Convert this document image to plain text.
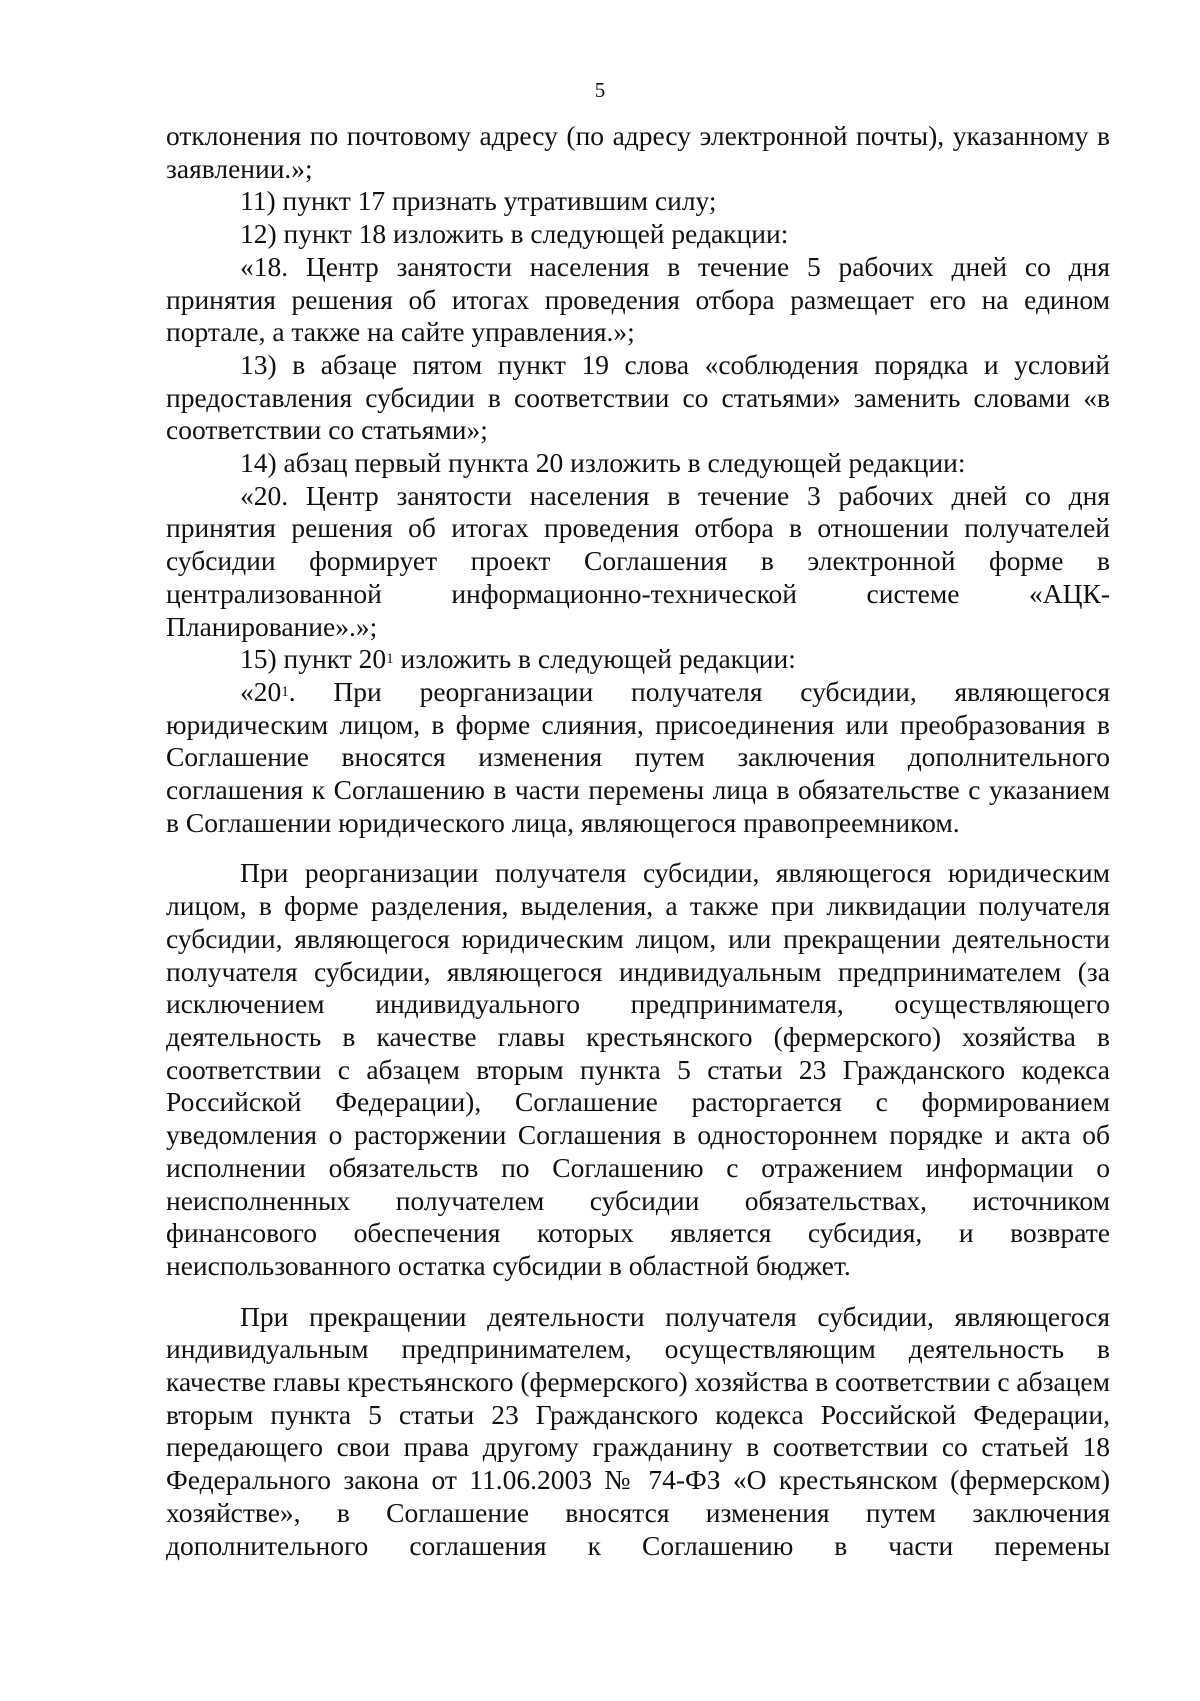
5

отклонения по почтовому адресу (по адресу электронной почты), указанному в заявлении.»;

11) пункт 17 признать утратившим силу;

12) пункт 18 изложить в следующей редакции:

«18. Центр занятости населения в течение 5 рабочих дней со дня принятия решения об итогах проведения отбора размещает его на едином портале, а также на сайте управления.»;

13) в абзаце пятом пункт 19 слова «соблюдения порядка и условий предоставления субсидии в соответствии со статьями» заменить словами «в соответствии со статьями»;

14) абзац первый пункта 20 изложить в следующей редакции:

«20. Центр занятости населения в течение 3 рабочих дней со дня принятия решения об итогах проведения отбора в отношении получателей субсидии формирует проект Соглашения в электронной форме в централизованной информационно-технической системе «АЦК-Планирование».»;

15) пункт $20^1$ изложить в следующей редакции:

«$20^1$. При реорганизации получателя субсидии, являющегося юридическим лицом, в форме слияния, присоединения или преобразования в Соглашение вносятся изменения путем заключения дополнительного соглашения к Соглашению в части перемены лица в обязательстве с указанием в Соглашении юридического лица, являющегося правопреемником.

При реорганизации получателя субсидии, являющегося юридическим лицом, в форме разделения, выделения, а также при ликвидации получателя субсидии, являющегося юридическим лицом, или прекращении деятельности получателя субсидии, являющегося индивидуальным предпринимателем (за исключением индивидуального предпринимателя, осуществляющего деятельность в качестве главы крестьянского (фермерского) хозяйства в соответствии с абзацем вторым пункта 5 статьи 23 Гражданского кодекса Российской Федерации), Соглашение расторгается с формированием уведомления о расторжении Соглашения в одностороннем порядке и акта об исполнении обязательств по Соглашению с отражением информации о неисполненных получателем субсидии обязательствах, источником финансового обеспечения которых является субсидия, и возврате неиспользованного остатка субсидии в областной бюджет.

При прекращении деятельности получателя субсидии, являющегося индивидуальным предпринимателем, осуществляющим деятельность в качестве главы крестьянского (фермерского) хозяйства в соответствии с абзацем вторым пункта 5 статьи 23 Гражданского кодекса Российской Федерации, передающего свои права другому гражданину в соответствии со статьей 18 Федерального закона от 11.06.2003 № 74-ФЗ «О крестьянском (фермерском) хозяйстве», в Соглашение вносятся изменения путем заключения дополнительного соглашения к Соглашению в части перемены
